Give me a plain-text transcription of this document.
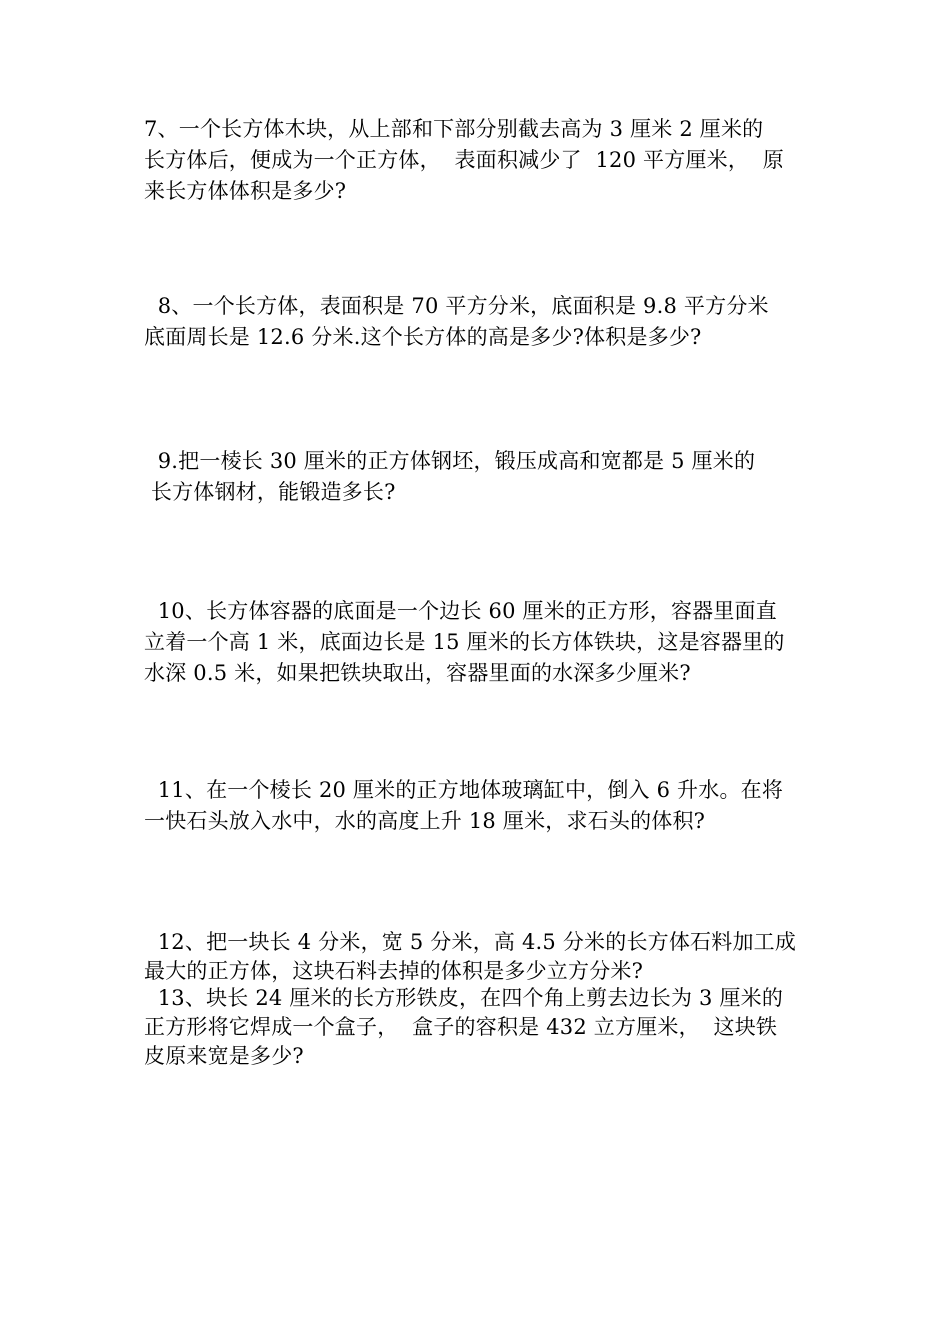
7、一个长方体木块，从上部和下部分别截去高为 3 厘米 2 厘米的
长方体后，便成为一个正方体，  表面积减少了  120 平方厘米，  原
来长方体体积是多少?
8、一个长方体，表面积是 70 平方分米，底面积是 9.8 平方分米
底面周长是 12.6 分米.这个长方体的高是多少?体积是多少?
9.把一棱长 30 厘米的正方体钢坯，锻压成高和宽都是 5 厘米的
长方体钢材，能锻造多长?
10、长方体容器的底面是一个边长 60 厘米的正方形，容器里面直
立着一个高 1 米，底面边长是 15 厘米的长方体铁块，这是容器里的
水深 0.5 米，如果把铁块取出，容器里面的水深多少厘米?
11、在一个棱长 20 厘米的正方地体玻璃缸中，倒入 6 升水。在将
一快石头放入水中，水的高度上升 18 厘米，求石头的体积?
12、把一块长 4 分米，宽 5 分米，高 4.5 分米的长方体石料加工成
最大的正方体，这块石料去掉的体积是多少立方分米?
13、块长 24 厘米的长方形铁皮，在四个角上剪去边长为 3 厘米的
正方形将它焊成一个盒子，  盒子的容积是 432 立方厘米，  这块铁
皮原来宽是多少?
